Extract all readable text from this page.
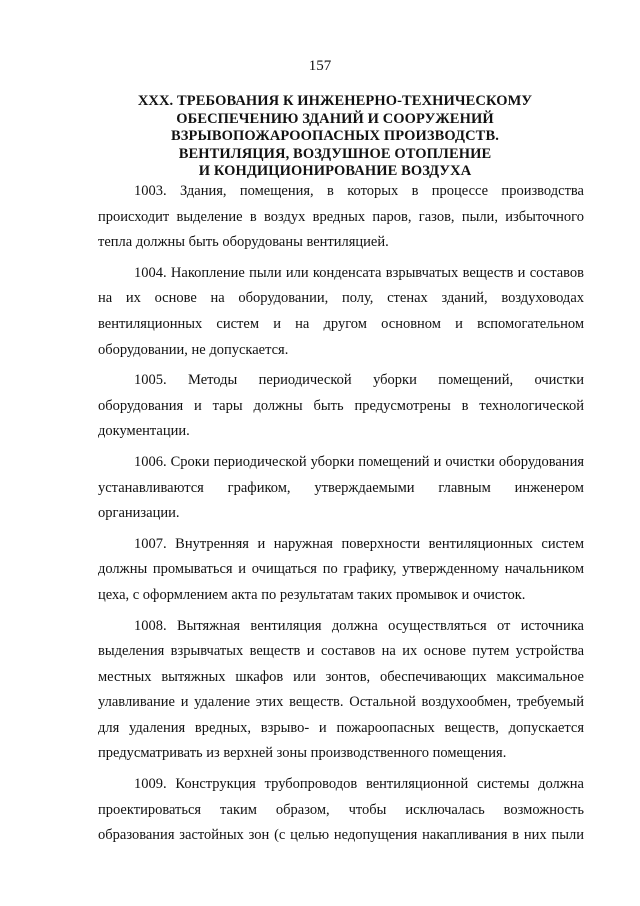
157
XXX. ТРЕБОВАНИЯ К ИНЖЕНЕРНО-ТЕХНИЧЕСКОМУ
ОБЕСПЕЧЕНИЮ ЗДАНИЙ И СООРУЖЕНИЙ
ВЗРЫВОПОЖАРООПАСНЫХ ПРОИЗВОДСТВ.
ВЕНТИЛЯЦИЯ, ВОЗДУШНОЕ ОТОПЛЕНИЕ
И КОНДИЦИОНИРОВАНИЕ ВОЗДУХА
1003. Здания, помещения, в которых в процессе производства
происходит выделение в воздух вредных паров, газов, пыли, избыточного
тепла должны быть оборудованы вентиляцией.
1004. Накопление пыли или конденсата взрывчатых веществ и составов
на их основе на оборудовании, полу, стенах зданий, воздуховодах
вентиляционных систем и на другом основном и вспомогательном
оборудовании, не допускается.
1005. Методы периодической уборки помещений, очистки
оборудования и тары должны быть предусмотрены в технологической
документации.
1006. Сроки периодической уборки помещений и очистки оборудования
устанавливаются графиком, утверждаемыми главным инженером
организации.
1007. Внутренняя и наружная поверхности вентиляционных систем
должны промываться и очищаться по графику, утвержденному начальником
цеха, с оформлением акта по результатам таких промывок и очисток.
1008. Вытяжная вентиляция должна осуществляться от источника
выделения взрывчатых веществ и составов на их основе путем устройства
местных вытяжных шкафов или зонтов, обеспечивающих максимальное
улавливание и удаление этих веществ. Остальной воздухообмен, требуемый
для удаления вредных, взрыво- и пожароопасных веществ, допускается
предусматривать из верхней зоны производственного помещения.
1009. Конструкция трубопроводов вентиляционной системы должна
проектироваться таким образом, чтобы исключалась возможность
образования застойных зон (с целью недопущения накапливания в них пыли
